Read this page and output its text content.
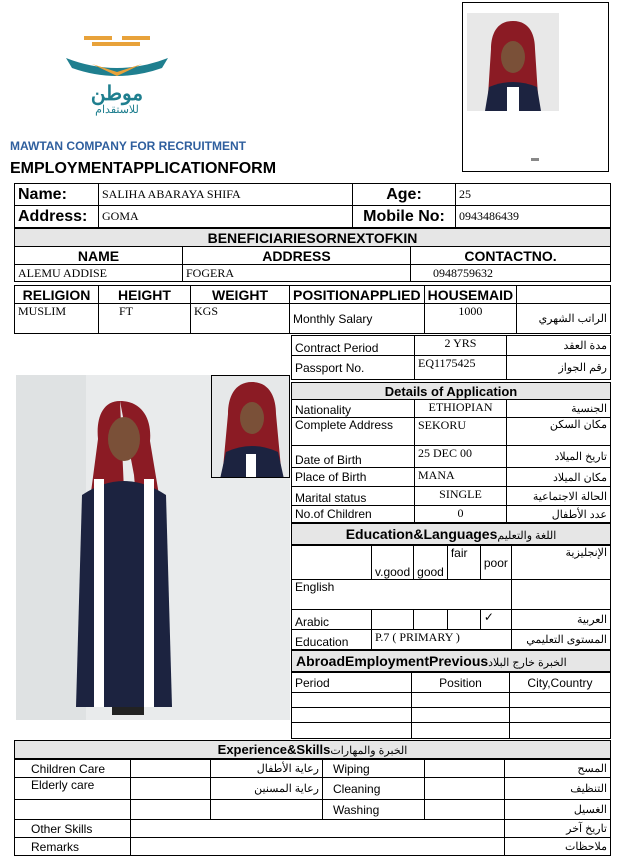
موطن
للاستقدام
MAWTAN COMPANY FOR RECRUITMENT
EMPLOYMENTAPPLICATIONFORM
Name:	SALIHA ABARAYA SHIFA	Age:	25
Address:	GOMA	Mobile No:	0943486439
BENEFICIARIESORNEXTOFKIN		
NAME	ADDRESS	CONTACTNO.
ALEMU ADDISE	FOGERA	0948759632
RELIGION	HEIGHT	WEIGHT	POSITIONAPPLIED	HOUSEMAID	
MUSLIM	FT	KGS	Monthly Salary	1000	الراتب الشهري
Contract Period	2 YRS	مدة العقد
Passport No.	EQ1175425	رقم الجواز
Details of Application		
Nationality	ETHIOPIAN	الجنسية
Complete Address	SEKORU	مكان السكن
Date of Birth	25 DEC 00	تاريخ الميلاد
Place of Birth	MANA	مكان الميلاد
Marital status	SINGLE	الحالة الاجتماعية
No.of Children	0	عدد الأطفال
Education&Languagesاللغة والتعليم
	v.good	good	fair	poor	الإنجليزية
English					
Arabic				✓	العربية
Education	P.7 ( PRIMARY )				المستوى التعليمي
AbroadEmploymentPreviousالخبرة خارج البلاد
Period	Position	City,Country

Experience&Skillsالخبرة والمهارات
Children Care		رعاية الأطفال	Wiping		المسح
Elderly care		رعاية المسنين	Cleaning		التنظيف
			Washing		الغسيل
Other Skills					تاريخ آخر
Remarks					ملاحظات
